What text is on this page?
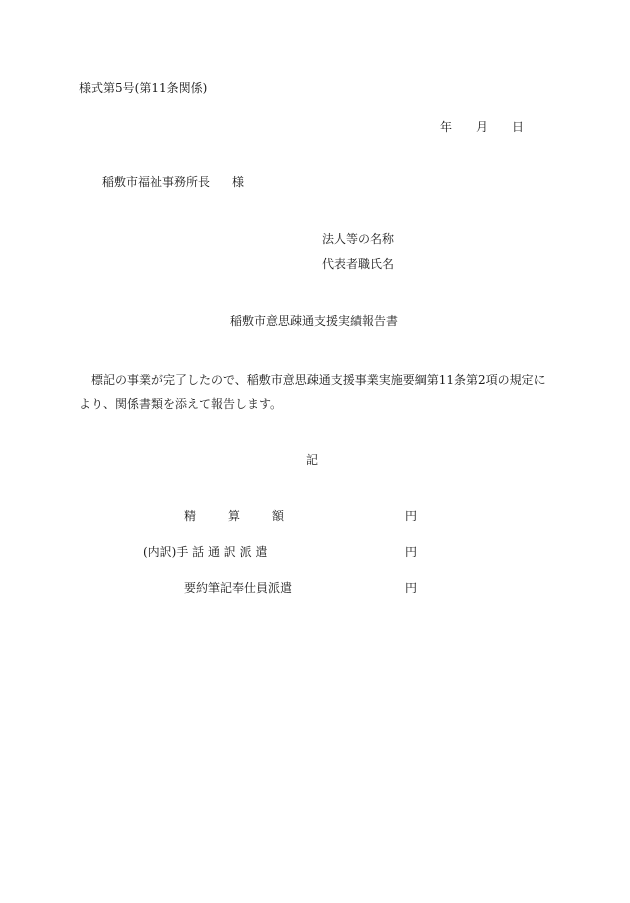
様式第5号(第11条関係)
年 月 日
稲敷市福祉事務所長 様
法人等の名称
代表者職氏名
稲敷市意思疎通支援実績報告書
標記の事業が完了したので、稲敷市意思疎通支援事業実施要綱第11条第2項の規定により、関係書類を添えて報告します。
記
精	算	額	円
(内訳)手 話 通 訳 派 遣	円
要約筆記奉仕員派遣	円
